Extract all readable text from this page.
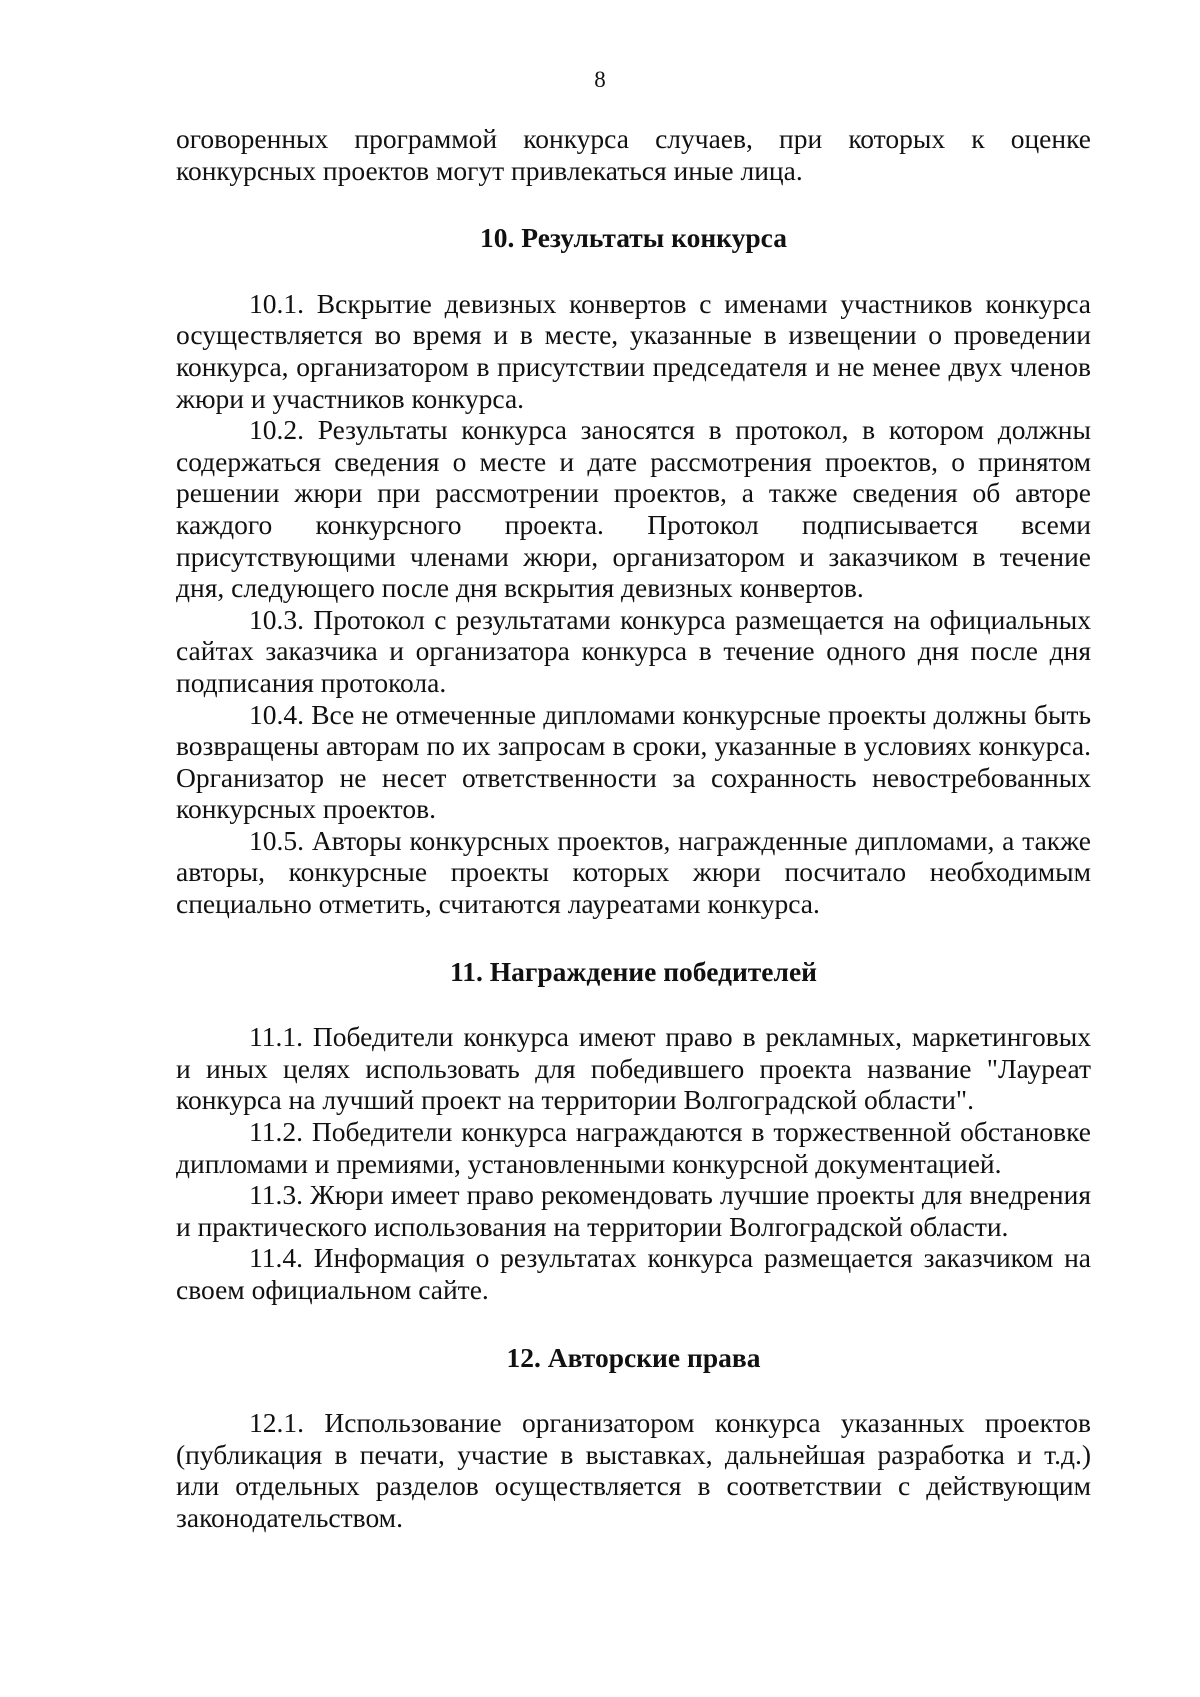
8

оговоренных программой конкурса случаев, при которых к оценке конкурсных проектов могут привлекаться иные лица.

10. Результаты конкурса

10.1. Вскрытие девизных конвертов с именами участников конкурса осуществляется во время и в месте, указанные в извещении о проведении конкурса, организатором в присутствии председателя и не менее двух членов жюри и участников конкурса.

10.2. Результаты конкурса заносятся в протокол, в котором должны содержаться сведения о месте и дате рассмотрения проектов, о принятом решении жюри при рассмотрении проектов, а также сведения об авторе каждого конкурсного проекта. Протокол подписывается всеми присутствующими членами жюри, организатором и заказчиком в течение дня, следующего после дня вскрытия девизных конвертов.

10.3. Протокол с результатами конкурса размещается на официальных сайтах заказчика и организатора конкурса в течение одного дня после дня подписания протокола.

10.4. Все не отмеченные дипломами конкурсные проекты должны быть возвращены авторам по их запросам в сроки, указанные в условиях конкурса. Организатор не несет ответственности за сохранность невостребованных конкурсных проектов.

10.5. Авторы конкурсных проектов, награжденные дипломами, а также авторы, конкурсные проекты которых жюри посчитало необходимым специально отметить, считаются лауреатами конкурса.

11. Награждение победителей

11.1. Победители конкурса имеют право в рекламных, маркетинговых и иных целях использовать для победившего проекта название "Лауреат конкурса на лучший проект на территории Волгоградской области".

11.2. Победители конкурса награждаются в торжественной обстановке дипломами и премиями, установленными конкурсной документацией.

11.3. Жюри имеет право рекомендовать лучшие проекты для внедрения и практического использования на территории Волгоградской области.

11.4. Информация о результатах конкурса размещается заказчиком на своем официальном сайте.

12. Авторские права

12.1. Использование организатором конкурса указанных проектов (публикация в печати, участие в выставках, дальнейшая разработка и т.д.) или отдельных разделов осуществляется в соответствии с действующим законодательством.
